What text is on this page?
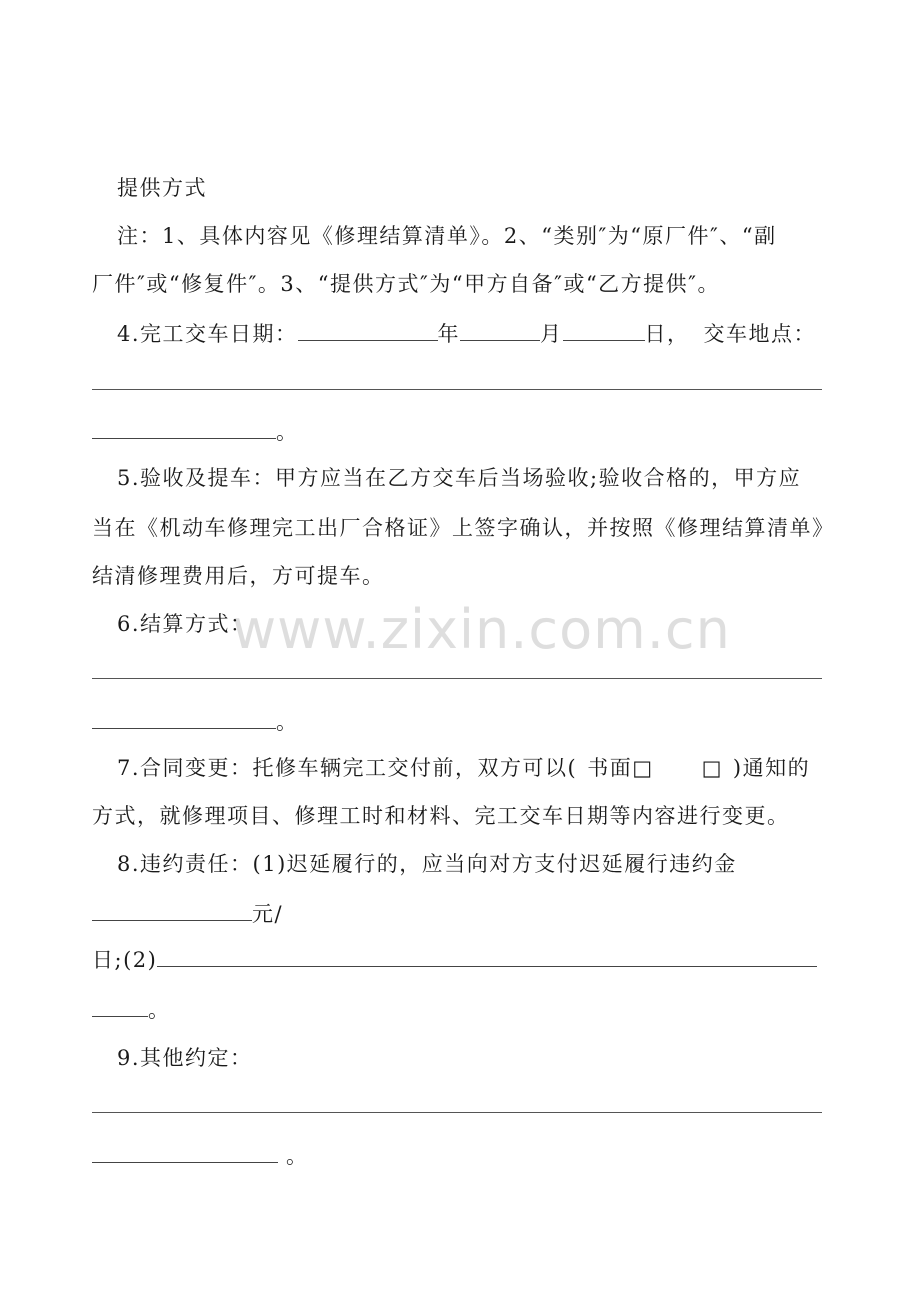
www.zixin.com.cn
提供方式
注：1、具体内容见《修理结算清单》。2、“类别″为“原厂件″、“副
厂件″或“修复件″。3、“提供方式″为“甲方自备″或“乙方提供″。
4.完工交车日期：	年	月	日， 交车地点：
。
5.验收及提车：甲方应当在乙方交车后当场验收;验收合格的，甲方应
当在《机动车修理完工出厂合格证》上签字确认，并按照《修理结算清单》
结清修理费用后，方可提车。
6.结算方式：
。
7.合同变更：托修车辆完工交付前，双方可以( 书面□ □ )通知的
方式，就修理项目、修理工时和材料、完工交车日期等内容进行变更。
8.违约责任：(1)迟延履行的，应当向对方支付迟延履行违约金
元/
日;(2)
。
9.其他约定：
。
